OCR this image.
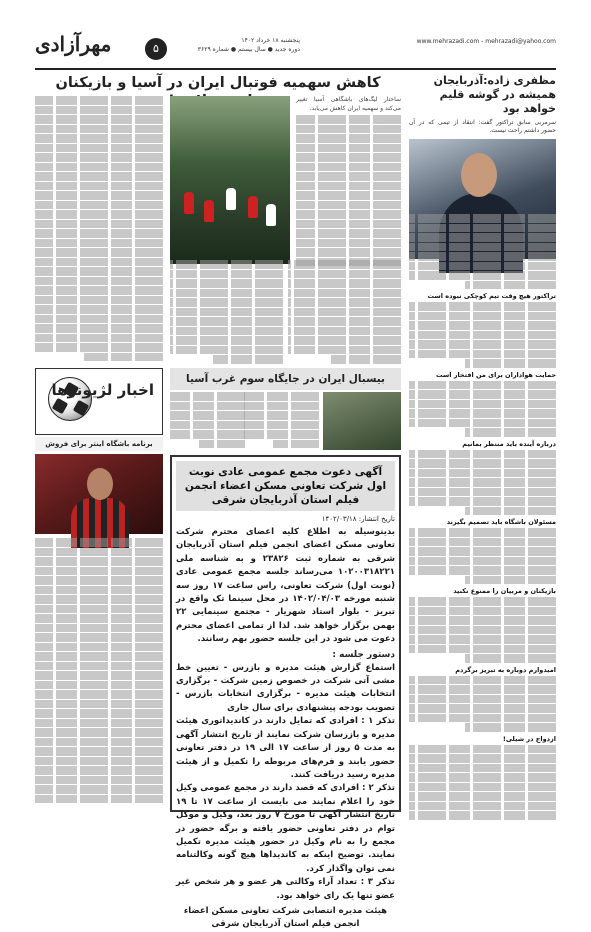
مهرآزادی	۵
پنجشنبه ۱۸ خرداد ۱۴۰۲
دوره جدید ● سال بیستم ● شماره ۳۶۲۹
www.mehrazadi.com - mehrazadi@yahoo.com
کاهش سهمیه فوتبال ایران در آسیا و بازیکنان	مظفری زاده:آذربایجان همیشه در گوشه قلیم خواهد بود
سرمربی سابق تراکتور گفت: انتقاد از تیمی که در آن حضور داشتم راحت نیست.
تراکتور هیچ وقت تیم کوچکی نبوده است
حمایت هواداران برای من افتخار است
درباره آینده باید منتظر بمانیم
مسئولان باشگاه باید تصمیم بگیرند
بازیکنان و مربیان را ممنوع نکنید
امیدوارم دوباره به تبریز برگردم
ازدواج در شیلی!
ساختار لیگ‌های باشگاهی آسیا تغییر می‌کند و سهمیه ایران کاهش می‌یابد.
بیسبال ایران در جایگاه سوم غرب آسیا
اخبار لژیونرها
برنامه باشگاه اینتر برای فروش
آگهی دعوت مجمع عمومی عادی نوبت اول شرکت تعاونی مسکن اعضاء انجمن فیلم استان آذربایجان شرقی
تاریخ انتشار: ۱۴۰۲/۰۳/۱۸
بدینوسیله به اطلاع کلیه اعضای محترم شرکت تعاونی مسکن اعضای انجمن فیلم استان آذربایجان شرقی به شماره ثبت ۲۳۸۲۶ و به شناسه ملی ۱۰۲۰۰۳۱۸۲۲۱ می‌رساند جلسه مجمع عمومی عادی (نوبت اول) شرکت تعاونی، راس ساعت ۱۷ روز سه شنبه مورخه ۱۴۰۲/۰۴/۰۳ در محل سینما تک واقع در تبریز - بلوار استاد شهریار - مجتمع سینمایی ۲۲ بهمن برگزار خواهد شد. لذا از تمامی اعضای محترم دعوت می شود در این جلسه حضور بهم رسانند.
دستور جلسه :
استماع گزارش هیئت مدیره و بازرس - تعیین خط مشی آتی شرکت در خصوص زمین شرکت - برگزاری انتخابات هیئت مدیره - برگزاری انتخابات بازرس - تصویب بودجه پیشنهادی برای سال جاری
تذکر ۱ : افرادی که تمایل دارند در کاندیداتوری هیئت مدیره و بازرسان شرکت نمایند از تاریخ انتشار آگهی به مدت ۵ روز از ساعت ۱۷ الی ۱۹ در دفتر تعاونی حضور یابند و فرم‌های مربوطه را تکمیل و از هیئت مدیره رسید دریافت کنند.
تذکر ۲ : افرادی که قصد دارند در مجمع عمومی وکیل خود را اعلام نمایند می بایست از ساعت ۱۷ تا ۱۹ تاریخ انتشار آگهی تا مورخ ۷ روز بعد، وکیل و موکل توام در دفتر تعاونی حضور یافته و برگه حضور در مجمع را به نام وکیل در حضور هیئت مدیره تکمیل نمایند. توضیح اینکه به کاندیداها هیچ گونه وکالتنامه نمی توان واگذار کرد.
تذکر ۳ : تعداد آراء وکالتی هر عضو و هر شخص غیر عضو تنها یک رای خواهد بود.
هیئت مدیره انتصابی شرکت تعاونی مسکن اعضاء انجمن فیلم استان آذربایجان شرقی
